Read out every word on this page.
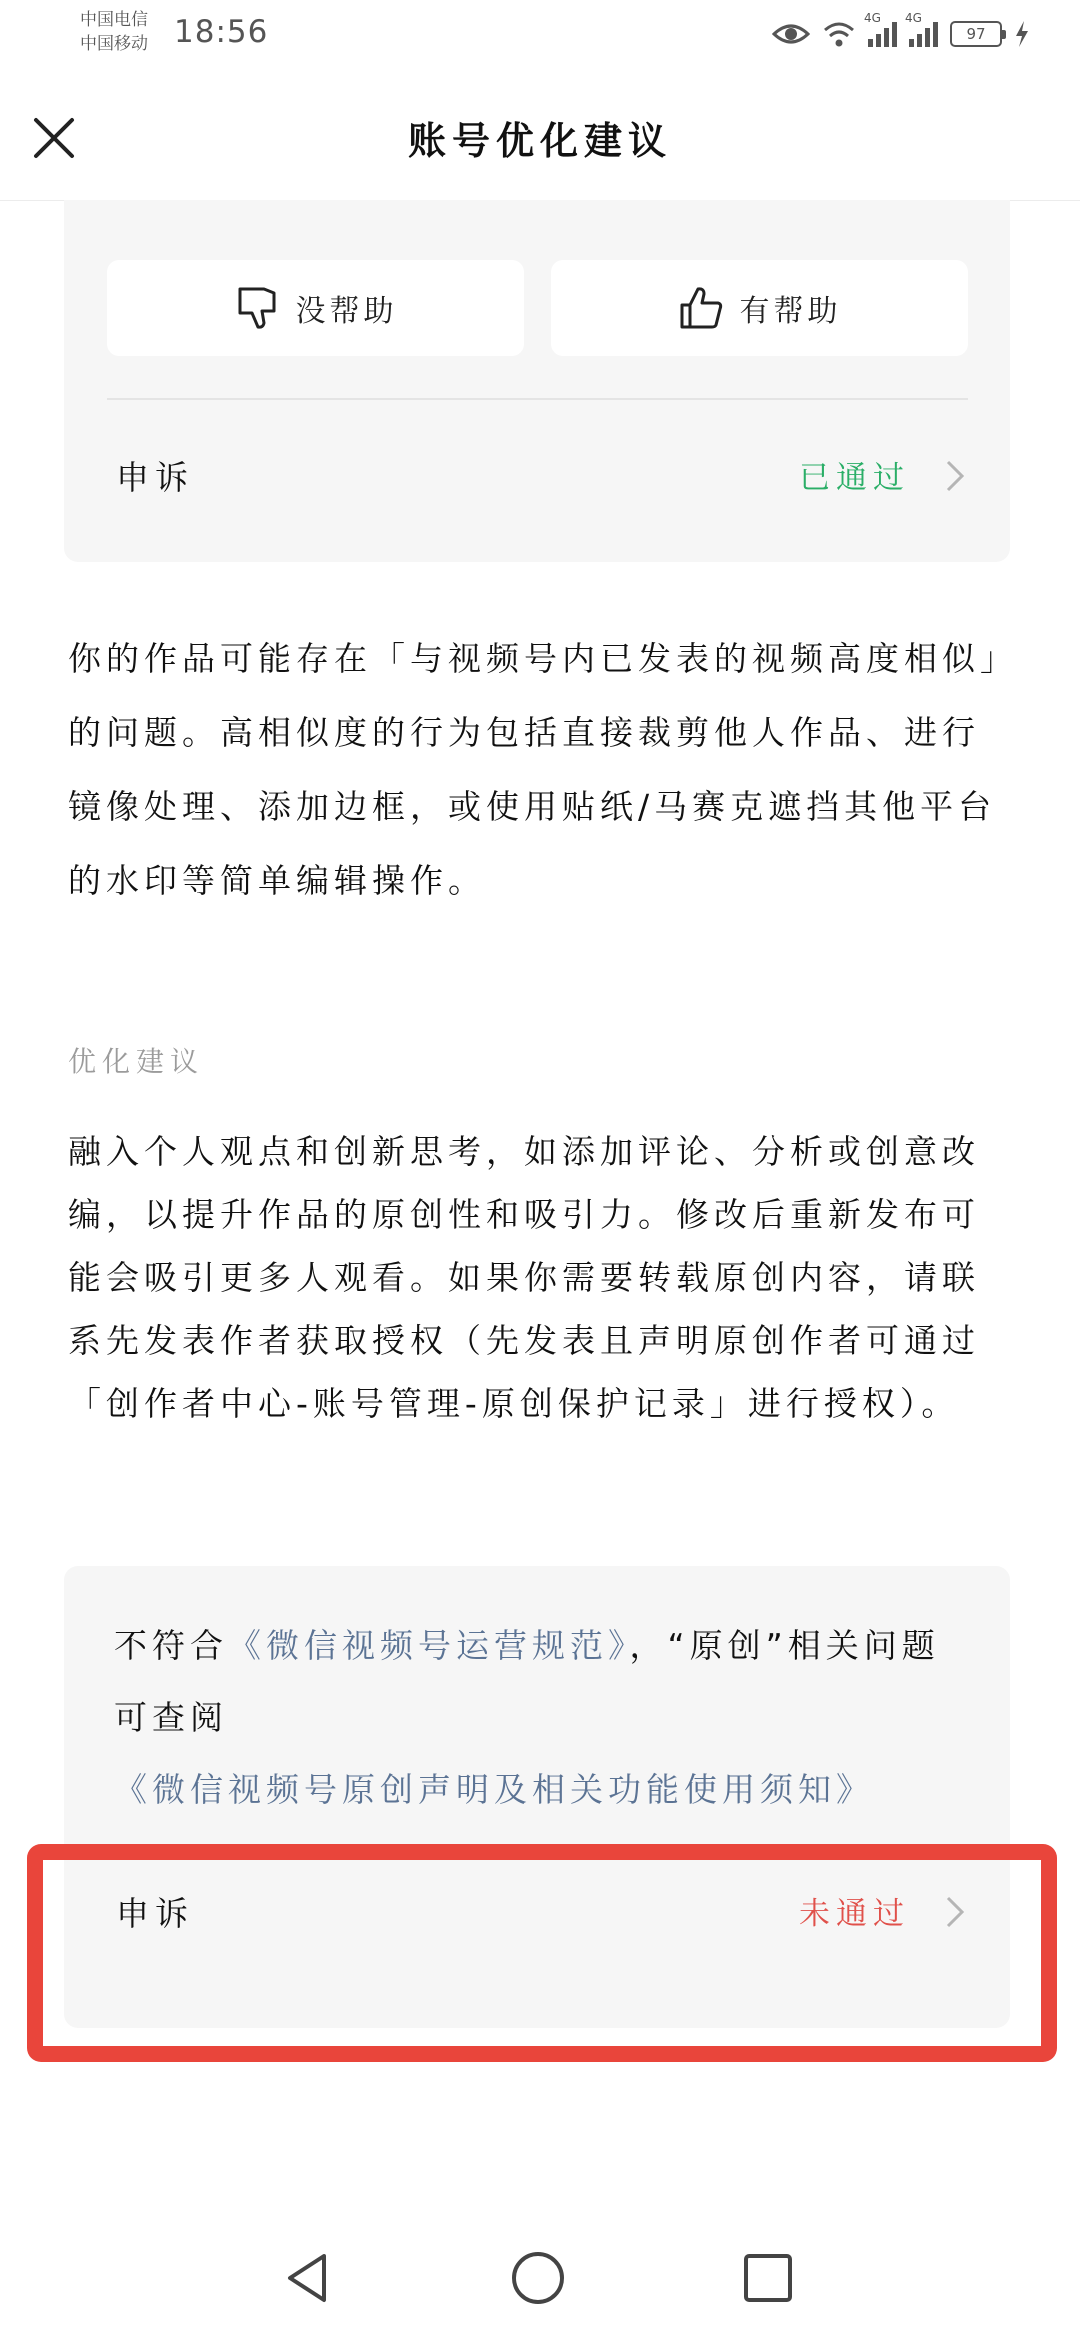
中国电信
中国移动 18:56	4G 4G
97
账号优化建议
没帮助	有帮助
申诉	已通过
你的作品可能存在「与视频号内已发表的视频高度相似」的问题。高相似度的行为包括直接裁剪他人作品、进行镜像处理、添加边框，或使用贴纸/马赛克遮挡其他平台的水印等简单编辑操作。
优化建议
融入个人观点和创新思考，如添加评论、分析或创意改编，以提升作品的原创性和吸引力。修改后重新发布可能会吸引更多人观看。如果你需要转载原创内容，请联系先发表作者获取授权（先发表且声明原创作者可通过「创作者中心-账号管理-原创保护记录」进行授权）。
不符合《微信视频号运营规范》，“原创”相关问题可查阅《微信视频号原创声明及相关功能使用须知》
申诉	未通过
